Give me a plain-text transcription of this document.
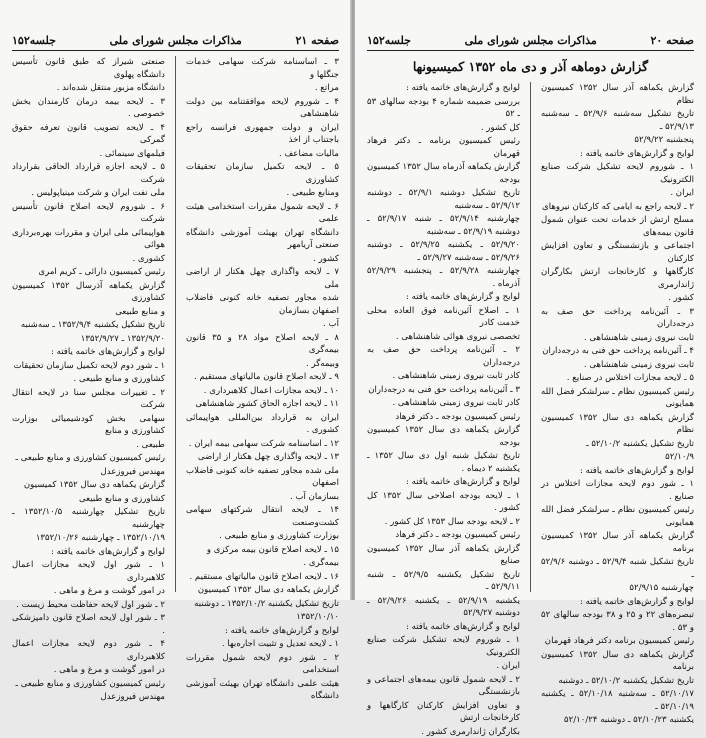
صفحه ۲۱
مذاکرات مجلس شورای ملی
جلسه۱۵۲

۳ ـ اساسنامه شرکت سهامی خدمات جنگلها و

مراتع .

۴ ـ شوروم لایحه موافقتنامه بین دولت شاهنشاهی

ایران و دولت جمهوری فرانسه راجع باجتناب از اخذ

مالیات مضاعف .

۵ ـ لایحه تکمیل سازمان تحقیقات کشاورزی

ومنابع طبیعی .

۶ ـ لایحه شمول مقررات استخدامی هیئت علمی

دانشگاه تهران بهیئت آموزشی دانشگاه صنعتی آریامهر

کشور .

۷ ـ لایحه واگذاری چهل هکتار از اراضی ملی

شده مجاور تصفیه خانه کنونی فاضلاب اصفهان بسازمان

آب .

۸ ـ لایحه اصلاح مواد ۲۸ و ۳۵ قانون بیمه‌گری

وبیمه‌گر .

۹ ـ لایحه اصلاح قانون مالیاتهای مستقیم .

۱۰ ـ لایحه مجازات اعمال کلاهبرداری .

۱۱ ـ لایحه اجازه الحاق کشور شاهنشاهی

ایران به قرارداد بین‌المللی هواپیمائی کشوری .

۱۲ ـ اساسنامه شرکت سهامی بیمه ایران .

۱۳ ـ لایحه واگذاری چهل هکتار از اراضی

ملی شده مجاور تصفیه خانه کنونی فاضلاب اصفهان

بسازمان آب .

۱۴ ـ لایحه انتقال شرکتهای سهامی کشت‌وصنعت

بوزارت کشاورزی و منابع طبیعی .

۱۵ ـ لایحه اصلاح قانون بیمه مرکزی و

بیمه‌گری .

۱۶ ـ لایحه اصلاح قانون مالیاتهای مستقیم .

گزارش یکماهه دی سال ۱۳۵۲ کمیسیون

تاریخ تشکیل یکشنبه ۱۳۵۲/۱۰/۲ ـ دوشنبه

۱۳۵۲/۱۰/۱۰

لوایح و گزارش‌های خاتمه یافته :

۱ ـ لایحه تعدیل و تثبیت اجاره‌بها .

۲ ـ شور دوم لایحه شمول مقررات استخدامی

هیئت علمی دانشگاه تهران بهیئت آموزشی دانشگاه

صنعتی شیراز که طبق قانون تأسیس دانشگاه پهلوی

دانشگاه مزبور منتقل شده‌اند .

۳ ـ لایحه بیمه درمان کارمندان بخش خصوصی .

۴ ـ لایحه تصویب قانون تعرفه حقوق گمرکی

فیلمهای سینمائی .

۵ ـ لایحه اجازه قرارداد الحاقی بقرارداد شرکت

ملی نفت ایران و شرکت مینیاپولیس .

۶ ـ شوروم لایحه اصلاح قانون تأسیس شرکت

هواپیمائی ملی ایران و مقررات بهره‌برداری هوائی

کشوری .

رئیس کمیسیون دارائی ـ کریم امری

گزارش یکماهه آذرسال ۱۳۵۲ کمیسیون کشاورزی

و منابع طبیعی

تاریخ تشکیل یکشنبه ۱۳۵۲/۹/۴ ـ سه‌شنبه

۱۳۵۲/۹/۲۰ ـ ۱۳۵۲/۹/۲۷

لوایح و گزارش‌های خاتمه یافته :

۱ ـ شور دوم لایحه تکمیل سازمان تحقیقات

کشاورزی و منابع طبیعی .

۲ ـ تغییرات مجلس سنا در لایحه انتقال شرکت

سهامی بخش کودشیمیائی بوزارت کشاورزی و منابع

طبیعی .

رئیس کمیسیون کشاورزی و منابع طبیعی ـ

مهندس فیروزعدل

گزارش یکماهه دی سال ۱۳۵۲ کمیسیون

کشاورزی و منابع طبیعی

تاریخ تشکیل چهارشنبه ۱۳۵۲/۱۰/۵ ـ چهارشنبه

۱۳۵۲/۱۰/۱۹ ـ چهارشنبه ۱۳۵۲/۱۰/۲۶

لوایح و گزارش‌های خاتمه یافته :

۱ ـ شور اول لایحه مجازات اعمال کلاهبرداری

در امور گوشت و مرغ و ماهی .

۲ ـ شور اول لایحه حفاظت محیط زیست .

۳ ـ شور اول لایحه اصلاح قانون دامپزشکی .

۴ ـ شور دوم لایحه مجازات اعمال کلاهبرداری

در امور گوشت و مرغ و ماهی .

رئیس کمیسیون کشاورزی و منابع طبیعی ـ

مهندس فیروزعدل

صفحه ۲۰
مذاکرات مجلس شورای ملی
جلسه۱۵۲
گزارش دوماهه آذر و دی ماه ۱۳۵۲ کمیسیونها

گزارش یکماهه آذر سال ۱۳۵۲ کمیسیون نظام

تاریخ تشکیل سه‌شنبه ۵۲/۹/۶ ـ سه‌شنبه ۵۲/۹/۱۳ ـ

پنجشنبه ۵۲/۹/۲۲

لوایح و گزارش‌های خاتمه یافته :

۱ ـ شوروم لایحه تشکیل شرکت صنایع الکترونیک

ایران .

۲ ـ لایحه راجع به ایامی که کارکنان نیروهای

مسلح ارتش از خدمات تحت عنوان شمول قانون بیمه‌های

اجتماعی و بازنشستگی و تعاون افزایش کارکنان

کارگاهها و کارخانجات ارتش بکارگران ژاندارمری

کشور .

۳ ـ آئین‌نامه پرداخت حق صف به درجه‌داران

ثابت نیروی زمینی شاهنشاهی .

۴ ـ آئین‌نامه پرداخت حق فنی به درجه‌داران

ثابت نیروی زمینی شاهنشاهی .

۵ ـ لایحه مجازات اختلاس در صنایع .

رئیس کمیسیون نظام ـ سرلشکر فضل الله همایونی

گزارش یکماهه دی سال ۱۳۵۲ کمیسیون نظام

تاریخ تشکیل یکشنبه ۵۲/۱۰/۲ ـ

۵۲/۱۰/۹

لوایح و گزارش‌های خاتمه یافته :

۱ ـ شور دوم لایحه مجازات اختلاس در صنایع .

رئیس کمیسیون نظام ـ سرلشکر فضل الله همایونی

گزارش یکماهه آذر سال ۱۳۵۲ کمیسیون برنامه

تاریخ تشکیل شنبه ۵۲/۹/۴ ـ دوشنبه ۵۲/۹/۶ ـ

چهارشنبه ۵۲/۹/۱۵

لوایح و گزارش‌های خاتمه یافته :

تبصره‌های ۲۲ و ۲۵ و ۳۸ بودجه سالهای ۵۲ و ۵۳ .

رئیس کمیسیون برنامه دکتر فرهاد قهرمان

گزارش یکماهه دی سال ۱۳۵۲ کمیسیون برنامه

تاریخ تشکیل یکشنبه ۵۲/۱۰/۲ ـ دوشنبه

۵۲/۱۰/۱۷ ـ سه‌شنبه ۵۲/۱۰/۱۸ ـ یکشنبه ۵۲/۱۰/۱۹ ـ

یکشنبه ۵۲/۱۰/۲۳ ـ دوشنبه ۵۲/۱۰/۲۴

لوایح و گزارش‌های خاتمه یافته :

بررسی ضمیمه شماره ۴ بودجه سالهای ۵۳ ـ ۵۲

کل کشور .

رئیس کمیسیون برنامه ـ دکتر فرهاد قهرمان

گزارش یکماهه آذرماه سال ۱۳۵۲ کمیسیون بودجه

تاریخ تشکیل دوشنبه ۵۲/۹/۱ ـ دوشنبه ۵۲/۹/۱۲ ـ سه‌شنبه

چهارشنبه ۵۲/۹/۱۴ ـ شنبه ۵۲/۹/۱۷ ـ دوشنبه ۵۲/۹/۱۹ ـ سه‌شنبه

۵۲/۹/۲۰ ـ یکشنبه ۵۲/۹/۲۵ ـ دوشنبه ۵۲/۹/۲۶ ـ سه‌شنبه ۵۲/۹/۲۷ ـ

چهارشنبه ۵۲/۹/۲۸ ـ پنجشنبه ۵۲/۹/۲۹ آذرماه .

لوایح و گزارش‌های خاتمه یافته :

۱ ـ اصلاح آئین‌نامه فوق العاده محلی خدمت کادر

تخصصی نیروی هوائی شاهنشاهی .

۲ ـ آئین‌نامه پرداخت حق صف به درجه‌داران

کادر ثابت نیروی زمینی شاهنشاهی .

۳ ـ آئین‌نامه پرداخت حق فنی به درجه‌داران

کادر ثابت نیروی زمینی شاهنشاهی .

رئیس کمیسیون بودجه ـ دکتر فرهاد

گزارش یکماهه دی سال ۱۳۵۲ کمیسیون بودجه

تاریخ تشکیل شنبه اول دی سال ۱۳۵۲ ـ یکشنبه ۲ دیماه .

لوایح و گزارش‌های خاتمه یافته :

۱ ـ لایحه بودجه اصلاحی سال ۱۳۵۲ کل کشور .

۲ ـ لایحه بودجه سال ۱۳۵۳ کل کشور .

رئیس کمیسیون بودجه ـ دکتر فرهاد

گزارش یکماهه آذر سال ۱۳۵۲ کمیسیون صنایع

تاریخ تشکیل یکشنبه ۵۲/۹/۵ ـ شنبه ۵۲/۹/۱۱ ـ

یکشنبه ۵۲/۹/۱۹ ـ یکشنبه ۵۲/۹/۲۶ ـ دوشنبه ۵۲/۹/۲۷

لوایح و گزارش‌های خاتمه یافته :

۱ ـ شوروم لایحه تشکیل شرکت صنایع الکترونیک

ایران .

۲ ـ لایحه شمول قانون بیمه‌های اجتماعی و بازنشستگی

و تعاون افزایش کارکنان کارگاهها و کارخانجات ارتش

بکارگران ژاندارمری کشور .
